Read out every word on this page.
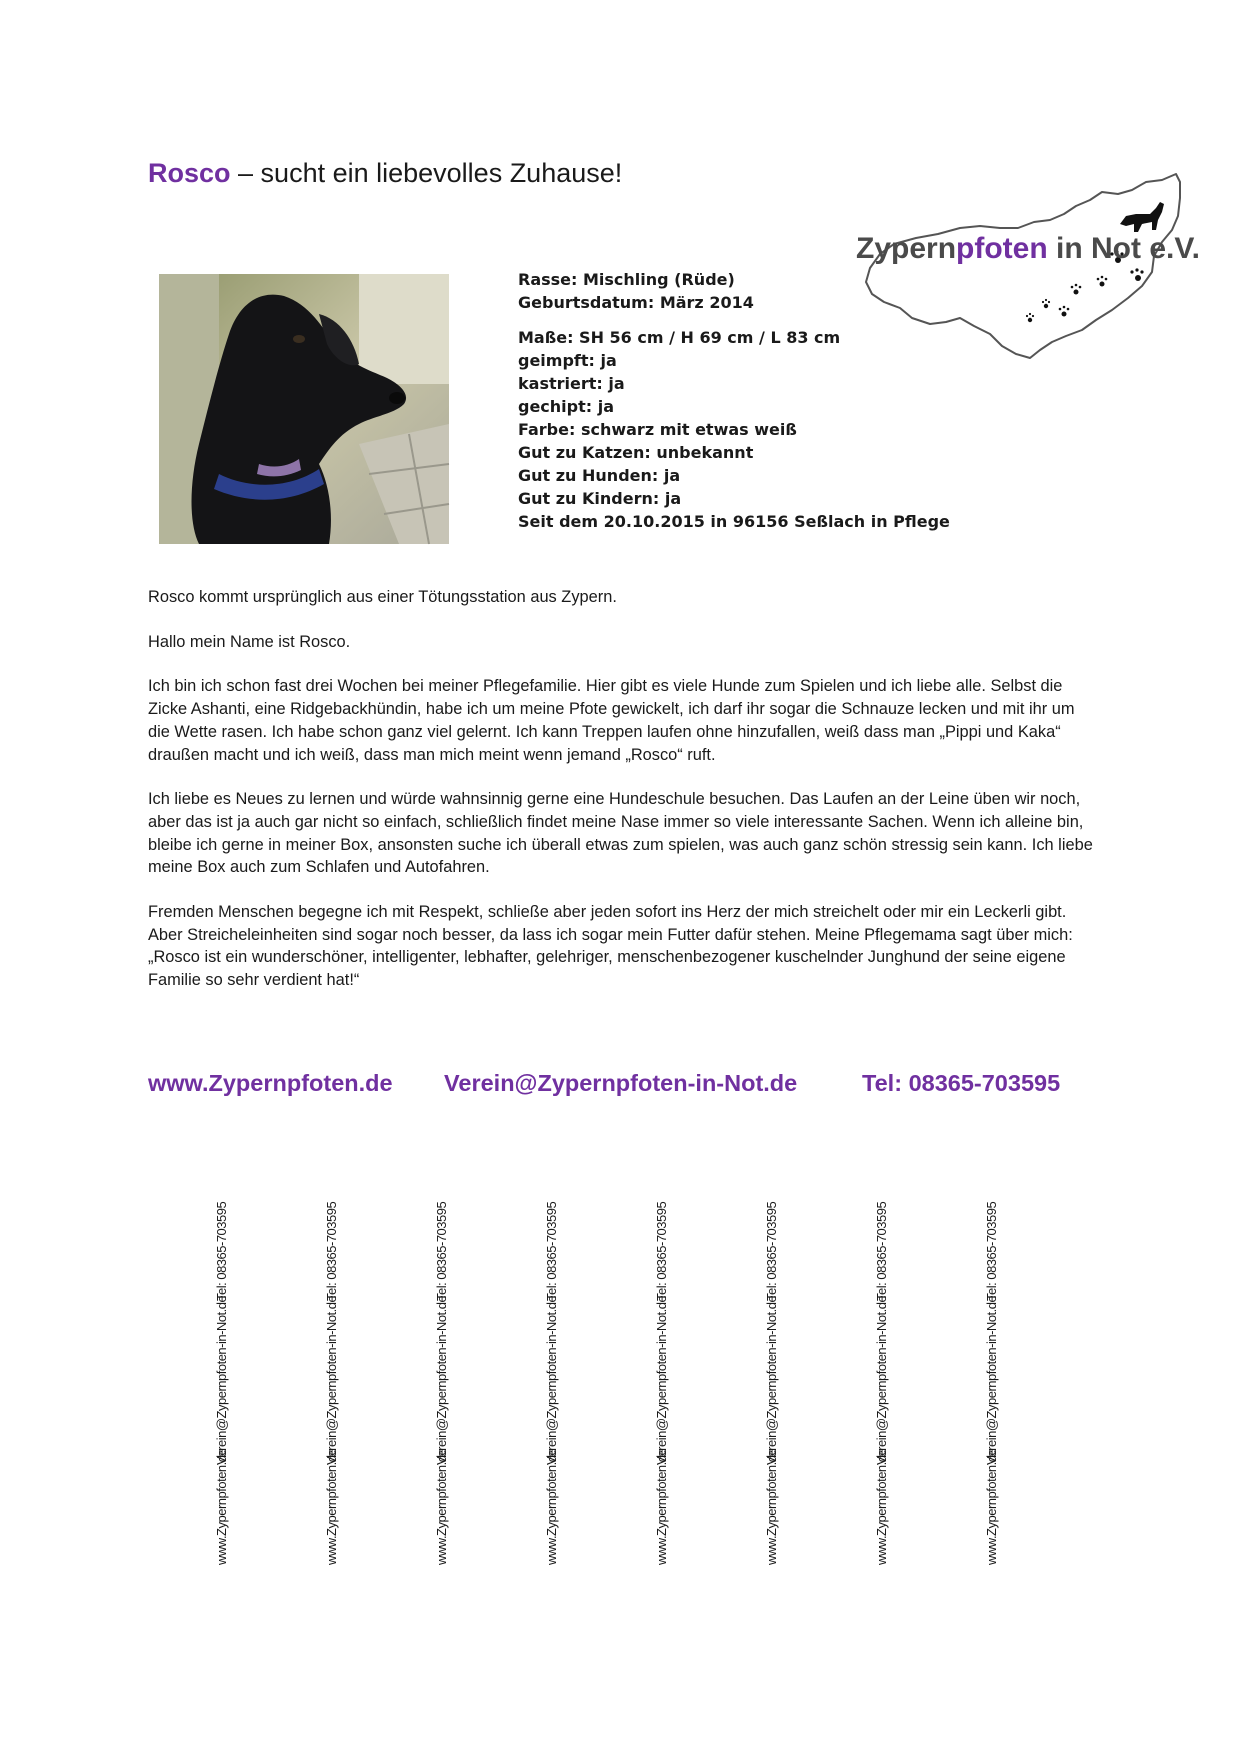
Rosco – sucht ein liebevolles Zuhause!
Zypernpfoten in Not e.V.
Rasse: Mischling (Rüde)
Geburtsdatum: März 2014
Maße: SH 56 cm / H 69 cm / L 83 cm
geimpft: ja
kastriert: ja
gechipt: ja
Farbe: schwarz mit etwas weiß
Gut zu Katzen: unbekannt
Gut zu Hunden: ja
Gut zu Kindern: ja
Seit dem 20.10.2015 in 96156 Seßlach in Pflege

Rosco kommt ursprünglich aus einer Tötungsstation aus Zypern.

Hallo mein Name ist Rosco.

Ich bin ich schon fast drei Wochen bei meiner Pflegefamilie. Hier gibt es viele Hunde zum Spielen und ich liebe alle. Selbst die Zicke Ashanti, eine Ridgebackhündin, habe ich um meine Pfote gewickelt, ich darf ihr sogar die Schnauze lecken und mit ihr um die Wette rasen. Ich habe schon ganz viel gelernt. Ich kann Treppen laufen ohne hinzufallen, weiß dass man „Pippi und Kaka“ draußen macht und ich weiß, dass man mich meint wenn jemand „Rosco“ ruft.

Ich liebe es Neues zu lernen und würde wahnsinnig gerne eine Hundeschule besuchen. Das Laufen an der Leine üben wir noch, aber das ist ja auch gar nicht so einfach, schließlich findet meine Nase immer so viele interessante Sachen. Wenn ich alleine bin, bleibe ich gerne in meiner Box, ansonsten suche ich überall etwas zum spielen, was auch ganz schön stressig sein kann. Ich liebe meine Box auch zum Schlafen und Autofahren.

Fremden Menschen begegne ich mit Respekt, schließe aber jeden sofort ins Herz der mich streichelt oder mir ein Leckerli gibt. Aber Streicheleinheiten sind sogar noch besser, da lass ich sogar mein Futter dafür stehen. Meine Pflegemama sagt über mich: „Rosco ist ein wunderschöner, intelligenter, lebhafter, gelehriger, menschenbezogener kuschelnder Junghund der seine eigene Familie so sehr verdient hat!“

www.Zypernpfoten.de Verein@Zypernpfoten-in-Not.de	Tel: 08365-703595
www.Zypernpfoten.deVerein@Zypernpfoten-in-Not.deTel: 08365-703595
www.Zypernpfoten.deVerein@Zypernpfoten-in-Not.deTel: 08365-703595
www.Zypernpfoten.deVerein@Zypernpfoten-in-Not.deTel: 08365-703595
www.Zypernpfoten.deVerein@Zypernpfoten-in-Not.deTel: 08365-703595
www.Zypernpfoten.deVerein@Zypernpfoten-in-Not.deTel: 08365-703595
www.Zypernpfoten.deVerein@Zypernpfoten-in-Not.deTel: 08365-703595
www.Zypernpfoten.deVerein@Zypernpfoten-in-Not.deTel: 08365-703595
www.Zypernpfoten.deVerein@Zypernpfoten-in-Not.deTel: 08365-703595
